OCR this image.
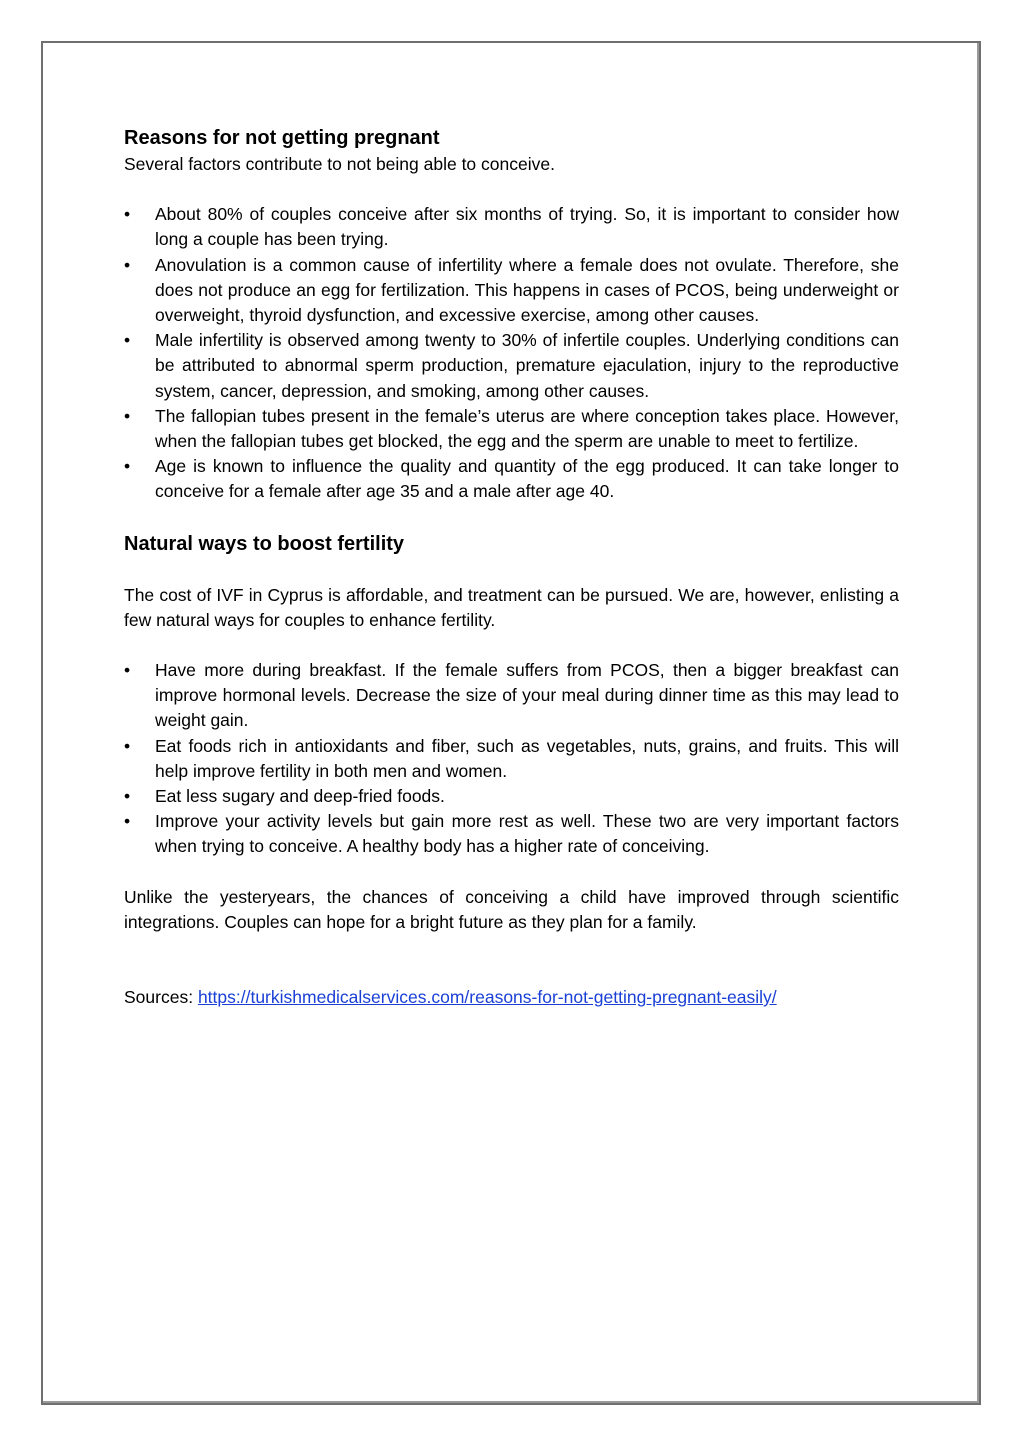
Reasons for not getting pregnant

Several factors contribute to not being able to conceive.

•	About 80% of couples conceive after six months of trying. So, it is important to consider how long a couple has been trying.
•	Anovulation is a common cause of infertility where a female does not ovulate. Therefore, she does not produce an egg for fertilization. This happens in cases of PCOS, being underweight or overweight, thyroid dysfunction, and excessive exercise, among other causes.
•	Male infertility is observed among twenty to 30% of infertile couples. Underlying conditions can be attributed to abnormal sperm production, premature ejaculation, injury to the reproductive system, cancer, depression, and smoking, among other causes.
•	The fallopian tubes present in the female’s uterus are where conception takes place. However, when the fallopian tubes get blocked, the egg and the sperm are unable to meet to fertilize.
•	Age is known to influence the quality and quantity of the egg produced. It can take longer to conceive for a female after age 35 and a male after age 40.
Natural ways to boost fertility

The cost of IVF in Cyprus is affordable, and treatment can be pursued. We are, however, enlisting a few natural ways for couples to enhance fertility.

•	Have more during breakfast. If the female suffers from PCOS, then a bigger breakfast can improve hormonal levels. Decrease the size of your meal during dinner time as this may lead to weight gain.
•	Eat foods rich in antioxidants and fiber, such as vegetables, nuts, grains, and fruits. This will help improve fertility in both men and women.
•	Eat less sugary and deep-fried foods.
•	Improve your activity levels but gain more rest as well. These two are very important factors when trying to conceive. A healthy body has a higher rate of conceiving.

Unlike the yesteryears, the chances of conceiving a child have improved through scientific integrations. Couples can hope for a bright future as they plan for a family.

Sources: https://turkishmedicalservices.com/reasons-for-not-getting-pregnant-easily/
